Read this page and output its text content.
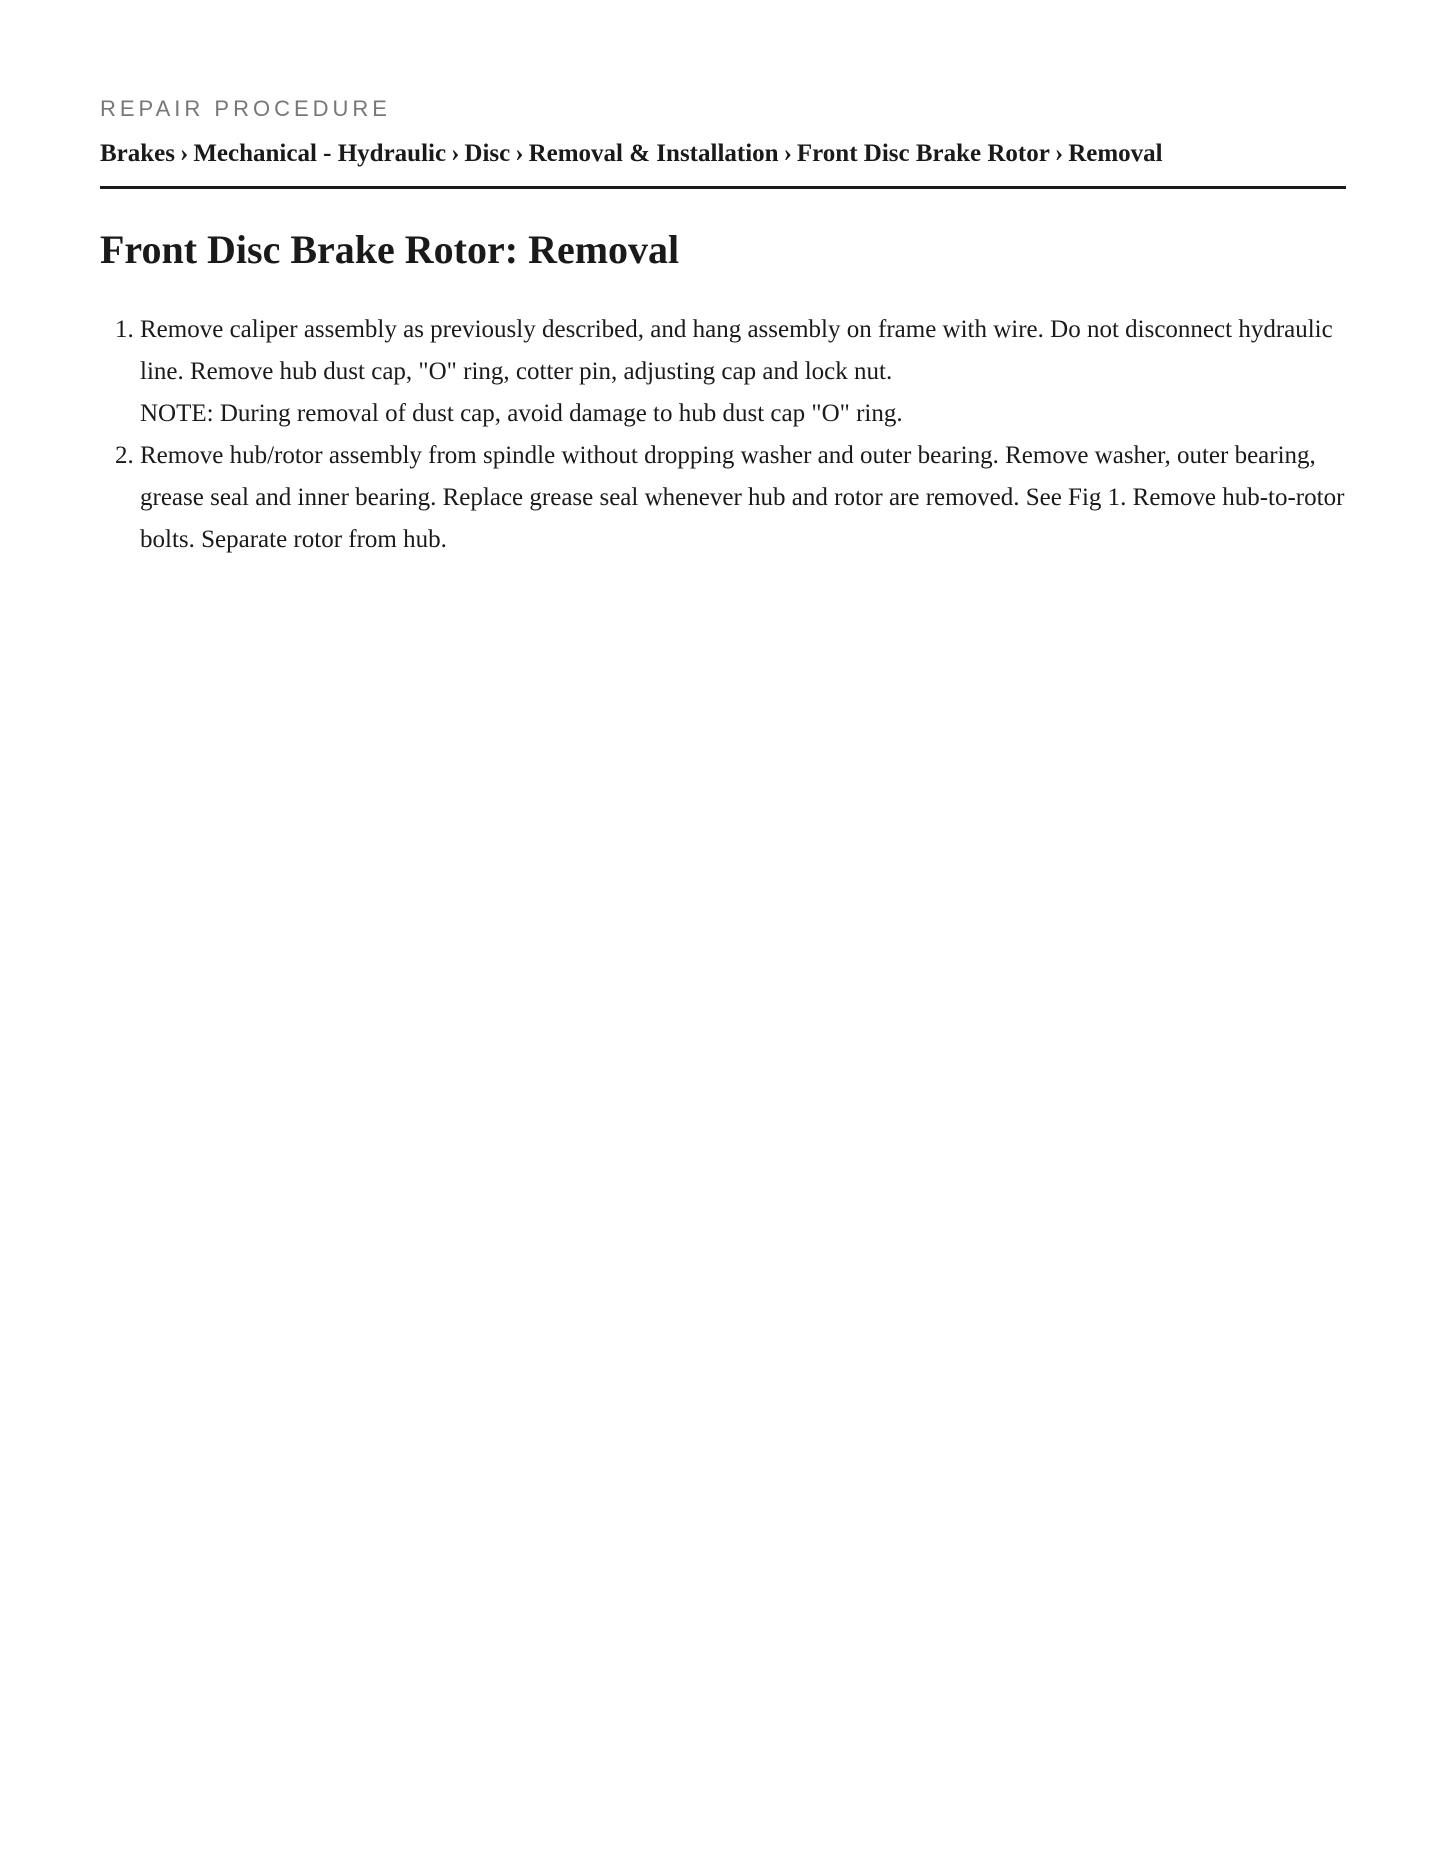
REPAIR PROCEDURE
Brakes › Mechanical - Hydraulic › Disc › Removal & Installation › Front Disc Brake Rotor › Removal
Front Disc Brake Rotor: Removal
1. Remove caliper assembly as previously described, and hang assembly on frame with wire. Do not disconnect hydraulic line. Remove hub dust cap, "O" ring, cotter pin, adjusting cap and lock nut.
NOTE: During removal of dust cap, avoid damage to hub dust cap "O" ring.
2. Remove hub/rotor assembly from spindle without dropping washer and outer bearing. Remove washer, outer bearing, grease seal and inner bearing. Replace grease seal whenever hub and rotor are removed. See Fig 1. Remove hub-to-rotor bolts. Separate rotor from hub.
